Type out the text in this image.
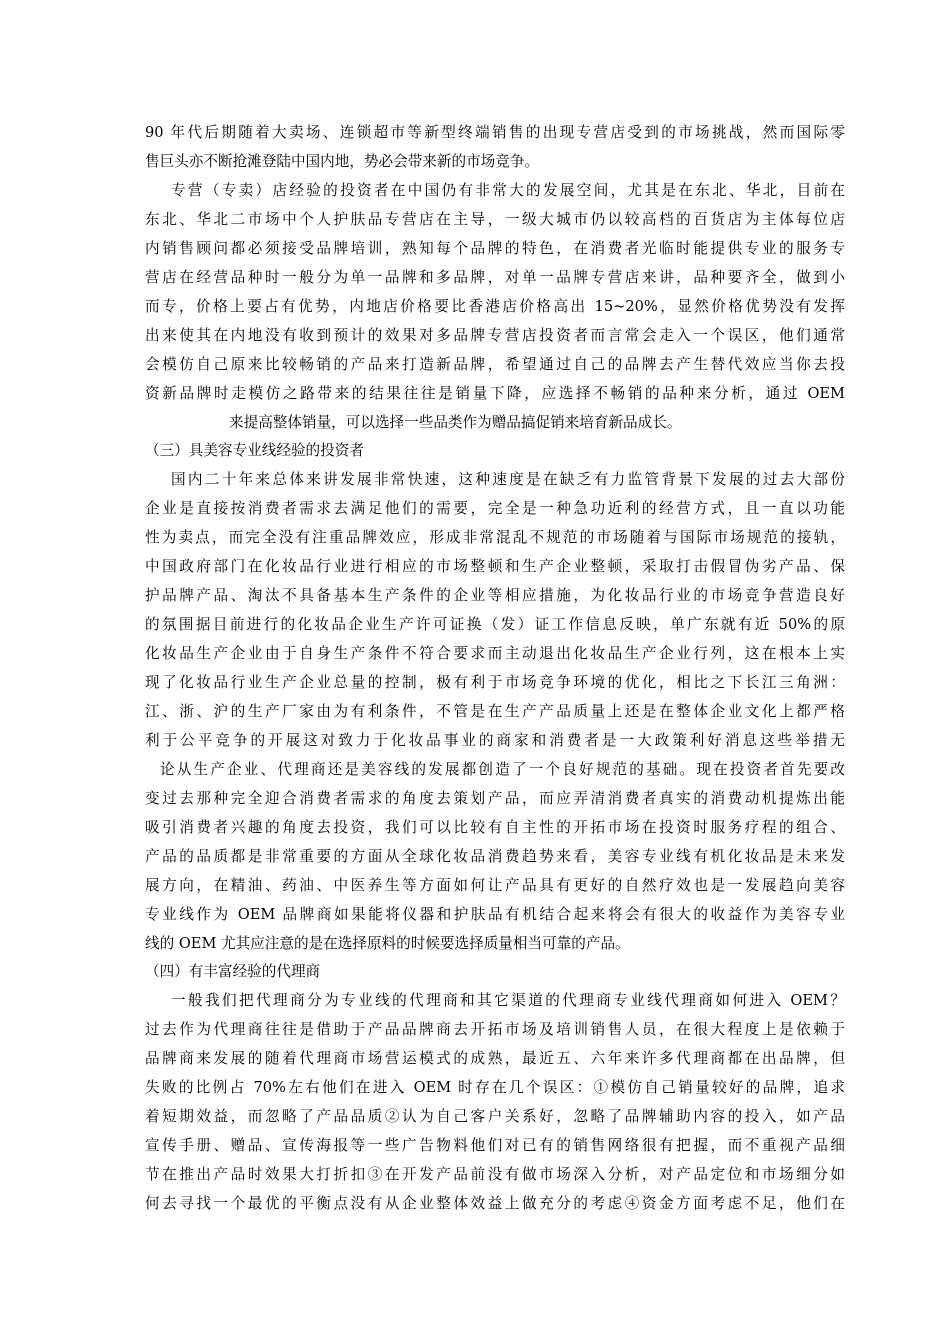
90 年代后期随着大卖场、连锁超市等新型终端销售的出现专营店受到的市场挑战，然而国际零
售巨头亦不断抢滩登陆中国内地，势必会带来新的市场竞争。
专营（专卖）店经验的投资者在中国仍有非常大的发展空间，尤其是在东北、华北，目前在
东北、华北二市场中个人护肤品专营店在主导，一级大城市仍以较高档的百货店为主体每位店
内销售顾问都必须接受品牌培训，熟知每个品牌的特色，在消费者光临时能提供专业的服务专
营店在经营品种时一般分为单一品牌和多品牌，对单一品牌专营店来讲，品种要齐全，做到小
而专，价格上要占有优势，内地店价格要比香港店价格高出 15~20%，显然价格优势没有发挥
出来使其在内地没有收到预计的效果对多品牌专营店投资者而言常会走入一个误区，他们通常
会模仿自己原来比较畅销的产品来打造新品牌，希望通过自己的品牌去产生替代效应当你去投
资新品牌时走模仿之路带来的结果往往是销量下降，应选择不畅销的品种来分析，通过 OEM
来提高整体销量，可以选择一些品类作为赠品搞促销来培育新品成长。
（三）具美容专业线经验的投资者
国内二十年来总体来讲发展非常快速，这种速度是在缺乏有力监管背景下发展的过去大部份
企业是直接按消费者需求去满足他们的需要，完全是一种急功近利的经营方式，且一直以功能
性为卖点，而完全没有注重品牌效应，形成非常混乱不规范的市场随着与国际市场规范的接轨，
中国政府部门在化妆品行业进行相应的市场整顿和生产企业整顿，采取打击假冒伪劣产品、保
护品牌产品、淘汰不具备基本生产条件的企业等相应措施，为化妆品行业的市场竞争营造良好
的氛围据目前进行的化妆品企业生产许可证换（发）证工作信息反映，单广东就有近 50%的原
化妆品生产企业由于自身生产条件不符合要求而主动退出化妆品生产企业行列，这在根本上实
现了化妆品行业生产企业总量的控制，极有利于市场竞争环境的优化，相比之下长江三角洲：
江、浙、沪的生产厂家由为有利条件，不管是在生产产品质量上还是在整体企业文化上都严格
利于公平竞争的开展这对致力于化妆品事业的商家和消费者是一大政策利好消息这些举措无
论从生产企业、代理商还是美容线的发展都创造了一个良好规范的基础。现在投资者首先要改
变过去那种完全迎合消费者需求的角度去策划产品，而应弄清消费者真实的消费动机提炼出能
吸引消费者兴趣的角度去投资，我们可以比较有自主性的开拓市场在投资时服务疗程的组合、
产品的品质都是非常重要的方面从全球化妆品消费趋势来看，美容专业线有机化妆品是未来发
展方向，在精油、药油、中医养生等方面如何让产品具有更好的自然疗效也是一发展趋向美容
专业线作为 OEM 品牌商如果能将仪器和护肤品有机结合起来将会有很大的收益作为美容专业
线的 OEM 尤其应注意的是在选择原料的时候要选择质量相当可靠的产品。
（四）有丰富经验的代理商
一般我们把代理商分为专业线的代理商和其它渠道的代理商专业线代理商如何进入 OEM？
过去作为代理商往往是借助于产品品牌商去开拓市场及培训销售人员，在很大程度上是依赖于
品牌商来发展的随着代理商市场营运模式的成熟，最近五、六年来许多代理商都在出品牌，但
失败的比例占 70%左右他们在进入 OEM 时存在几个误区：①模仿自己销量较好的品牌，追求
着短期效益，而忽略了产品品质②认为自己客户关系好，忽略了品牌辅助内容的投入，如产品
宣传手册、赠品、宣传海报等一些广告物料他们对已有的销售网络很有把握，而不重视产品细
节在推出产品时效果大打折扣③在开发产品前没有做市场深入分析，对产品定位和市场细分如
何去寻找一个最优的平衡点没有从企业整体效益上做充分的考虑④资金方面考虑不足，他们在
